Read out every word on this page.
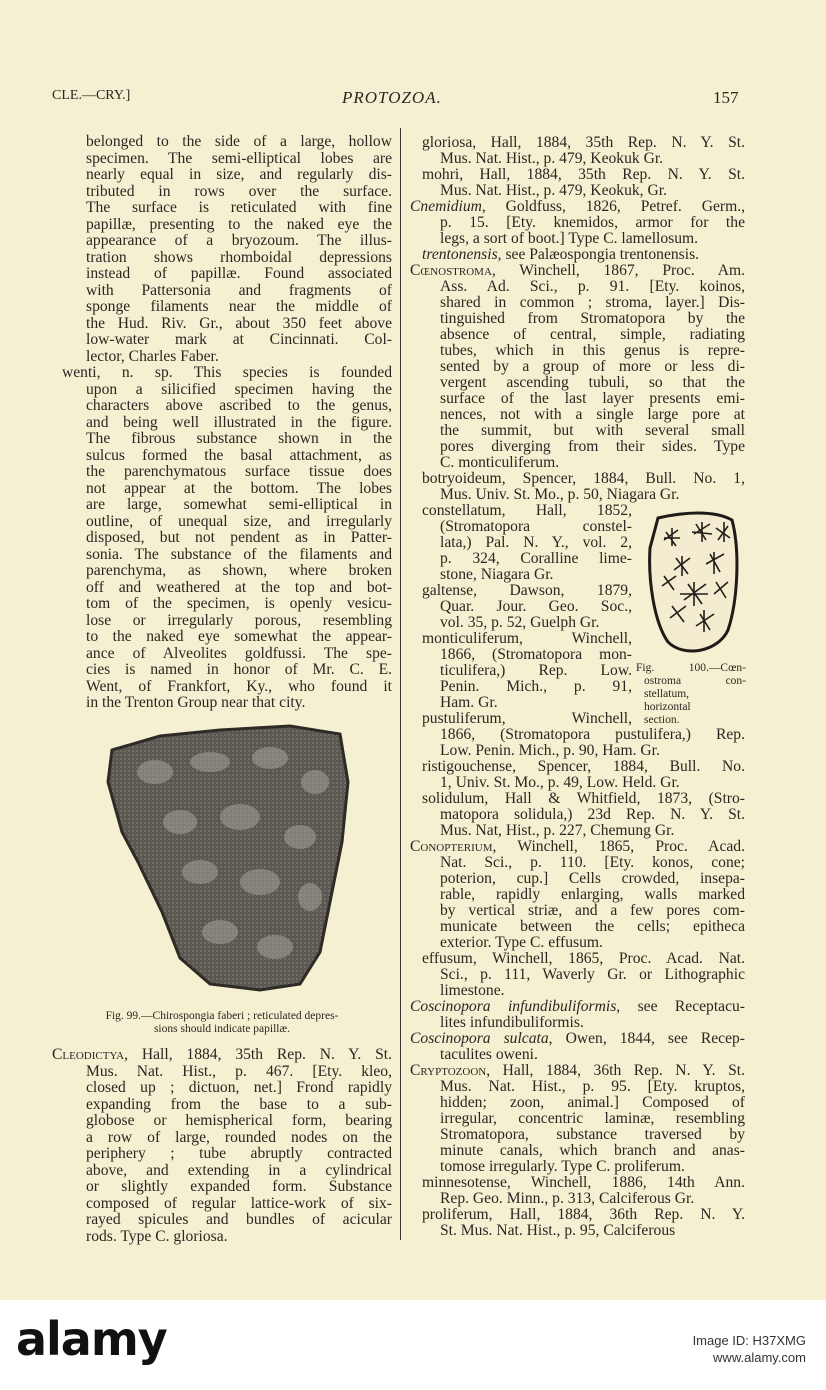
CLE.—CRY.]	PROTOZOA.	157
belonged to the side of a large, hollow
specimen. The semi-elliptical lobes are
nearly equal in size, and regularly dis-
tributed in rows over the surface.
The surface is reticulated with fine
papillæ, presenting to the naked eye the
appearance of a bryozoum. The illus-
tration shows rhomboidal depressions
instead of papillæ. Found associated
with Pattersonia and fragments of
sponge filaments near the middle of
the Hud. Riv. Gr., about 350 feet above
low-water mark at Cincinnati. Col-
lector, Charles Faber.
wenti, n. sp. This species is founded
upon a silicified specimen having the
characters above ascribed to the genus,
and being well illustrated in the figure.
The fibrous substance shown in the
sulcus formed the basal attachment, as
the parenchymatous surface tissue does
not appear at the bottom. The lobes
are large, somewhat semi-elliptical in
outline, of unequal size, and irregularly
disposed, but not pendent as in Patter-
sonia. The substance of the filaments and
parenchyma, as shown, where broken
off and weathered at the top and bot-
tom of the specimen, is openly vesicu-
lose or irregularly porous, resembling
to the naked eye somewhat the appear-
ance of Alveolites goldfussi. The spe-
cies is named in honor of Mr. C. E.
Went, of Frankfort, Ky., who found it
in the Trenton Group near that city.
Fig. 99.—Chirospongia faberi ; reticulated depres-
sions should indicate papillæ.
Cleodictya, Hall, 1884, 35th Rep. N. Y. St.
Mus. Nat. Hist., p. 467. [Ety. kleo,
closed up ; dictuon, net.] Frond rapidly
expanding from the base to a sub-
globose or hemispherical form, bearing
a row of large, rounded nodes on the
periphery ; tube abruptly contracted
above, and extending in a cylindrical
or slightly expanded form. Substance
composed of regular lattice-work of six-
rayed spicules and bundles of acicular
rods. Type C. gloriosa.
gloriosa, Hall, 1884, 35th Rep. N. Y. St.
Mus. Nat. Hist., p. 479, Keokuk Gr.
mohri, Hall, 1884, 35th Rep. N. Y. St.
Mus. Nat. Hist., p. 479, Keokuk, Gr.
Cnemidium, Goldfuss, 1826, Petref. Germ.,
p. 15. [Ety. knemidos, armor for the
legs, a sort of boot.] Type C. lamellosum.
trentonensis, see Palæospongia trentonensis.
Cœnostroma, Winchell, 1867, Proc. Am.
Ass. Ad. Sci., p. 91. [Ety. koinos,
shared in common ; stroma, layer.] Dis-
tinguished from Stromatopora by the
absence of central, simple, radiating
tubes, which in this genus is repre-
sented by a group of more or less di-
vergent ascending tubuli, so that the
surface of the last layer presents emi-
nences, not with a single large pore at
the summit, but with several small
pores diverging from their sides. Type
C. monticuliferum.
botryoideum, Spencer, 1884, Bull. No. 1,
Mus. Univ. St. Mo., p. 50, Niagara Gr.
constellatum, Hall, 1852,
(Stromatopora constel-
lata,) Pal. N. Y., vol. 2,
p. 324, Coralline lime-
stone, Niagara Gr.
galtense, Dawson, 1879,
Quar. Jour. Geo. Soc.,
vol. 35, p. 52, Guelph Gr.
monticuliferum, Winchell,
1866, (Stromatopora mon-
ticulifera,) Rep. Low.
Penin. Mich., p. 91,
Ham. Gr.
pustuliferum, Winchell,
1866, (Stromatopora pustulifera,) Rep.
Low. Penin. Mich., p. 90, Ham. Gr.
ristigouchense, Spencer, 1884, Bull. No.
1, Univ. St. Mo., p. 49, Low. Held. Gr.
solidulum, Hall & Whitfield, 1873, (Stro-
matopora solidula,) 23d Rep. N. Y. St.
Mus. Nat, Hist., p. 227, Chemung Gr.
Conopterium, Winchell, 1865, Proc. Acad.
Nat. Sci., p. 110. [Ety. konos, cone;
poterion, cup.] Cells crowded, insepa-
rable, rapidly enlarging, walls marked
by vertical striæ, and a few pores com-
municate between the cells; epitheca
exterior. Type C. effusum.
effusum, Winchell, 1865, Proc. Acad. Nat.
Sci., p. 111, Waverly Gr. or Lithographic
limestone.
Coscinopora infundibuliformis, see Receptacu-
lites infundibuliformis.
Coscinopora sulcata, Owen, 1844, see Recep-
taculites oweni.
Cryptozoon, Hall, 1884, 36th Rep. N. Y. St.
Mus. Nat. Hist., p. 95. [Ety. kruptos,
hidden; zoon, animal.] Composed of
irregular, concentric laminæ, resembling
Stromatopora, substance traversed by
minute canals, which branch and anas-
tomose irregularly. Type C. proliferum.
minnesotense, Winchell, 1886, 14th Ann.
Rep. Geo. Minn., p. 313, Calciferous Gr.
proliferum, Hall, 1884, 36th Rep. N. Y.
St. Mus. Nat. Hist., p. 95, Calciferous
Fig. 100.—Cœn-
ostroma con-
stellatum,
horizontal
section.
alamy	Image ID: H37XMG
www.alamy.com
